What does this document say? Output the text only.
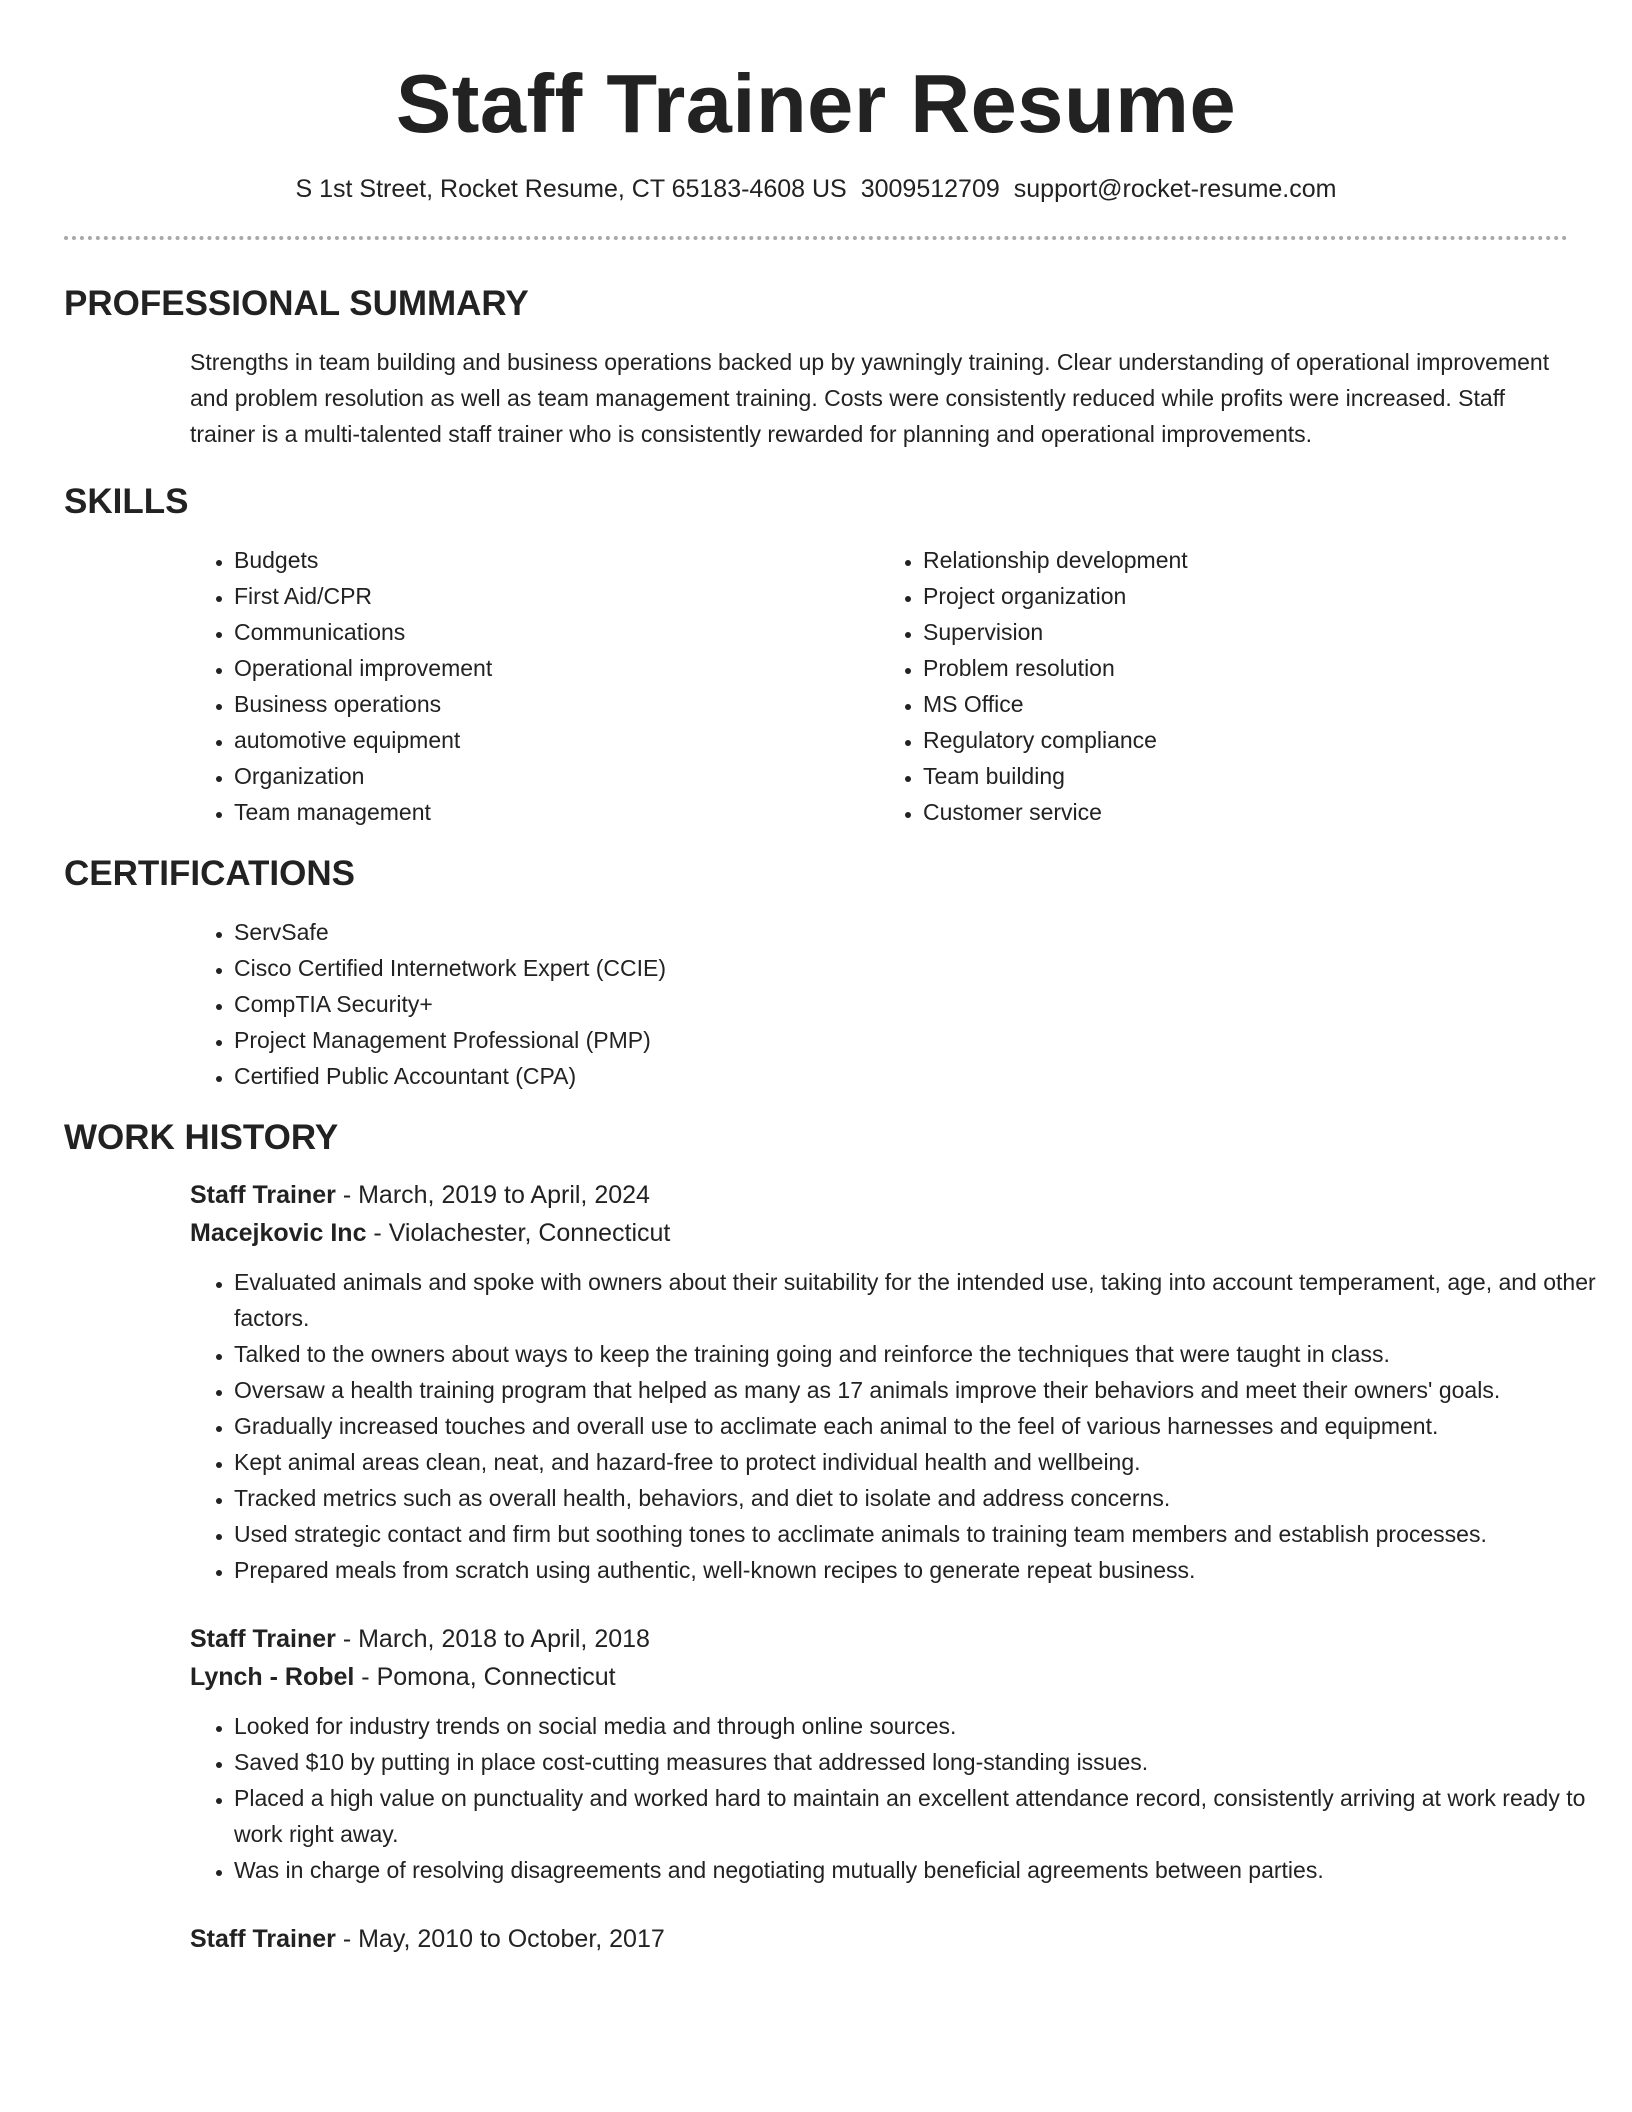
Staff Trainer Resume
S 1st Street, Rocket Resume, CT 65183-4608 US 3009512709 support@rocket-resume.com
PROFESSIONAL SUMMARY
Strengths in team building and business operations backed up by yawningly training. Clear understanding of operational improvement and problem resolution as well as team management training. Costs were consistently reduced while profits were increased. Staff trainer is a multi-talented staff trainer who is consistently rewarded for planning and operational improvements.
SKILLS
• Budgets
• First Aid/CPR
• Communications
• Operational improvement
• Business operations
• automotive equipment
• Organization
• Team management
• Relationship development
• Project organization
• Supervision
• Problem resolution
• MS Office
• Regulatory compliance
• Team building
• Customer service
CERTIFICATIONS
• ServSafe
• Cisco Certified Internetwork Expert (CCIE)
• CompTIA Security+
• Project Management Professional (PMP)
• Certified Public Accountant (CPA)
WORK HISTORY
Staff Trainer - March, 2019 to April, 2024
Macejkovic Inc - Violachester, Connecticut
• Evaluated animals and spoke with owners about their suitability for the intended use, taking into account temperament, age, and other factors.
• Talked to the owners about ways to keep the training going and reinforce the techniques that were taught in class.
• Oversaw a health training program that helped as many as 17 animals improve their behaviors and meet their owners' goals.
• Gradually increased touches and overall use to acclimate each animal to the feel of various harnesses and equipment.
• Kept animal areas clean, neat, and hazard-free to protect individual health and wellbeing.
• Tracked metrics such as overall health, behaviors, and diet to isolate and address concerns.
• Used strategic contact and firm but soothing tones to acclimate animals to training team members and establish processes.
• Prepared meals from scratch using authentic, well-known recipes to generate repeat business.
Staff Trainer - March, 2018 to April, 2018
Lynch - Robel - Pomona, Connecticut
• Looked for industry trends on social media and through online sources.
• Saved $10 by putting in place cost-cutting measures that addressed long-standing issues.
• Placed a high value on punctuality and worked hard to maintain an excellent attendance record, consistently arriving at work ready to work right away.
• Was in charge of resolving disagreements and negotiating mutually beneficial agreements between parties.
Staff Trainer - May, 2010 to October, 2017
